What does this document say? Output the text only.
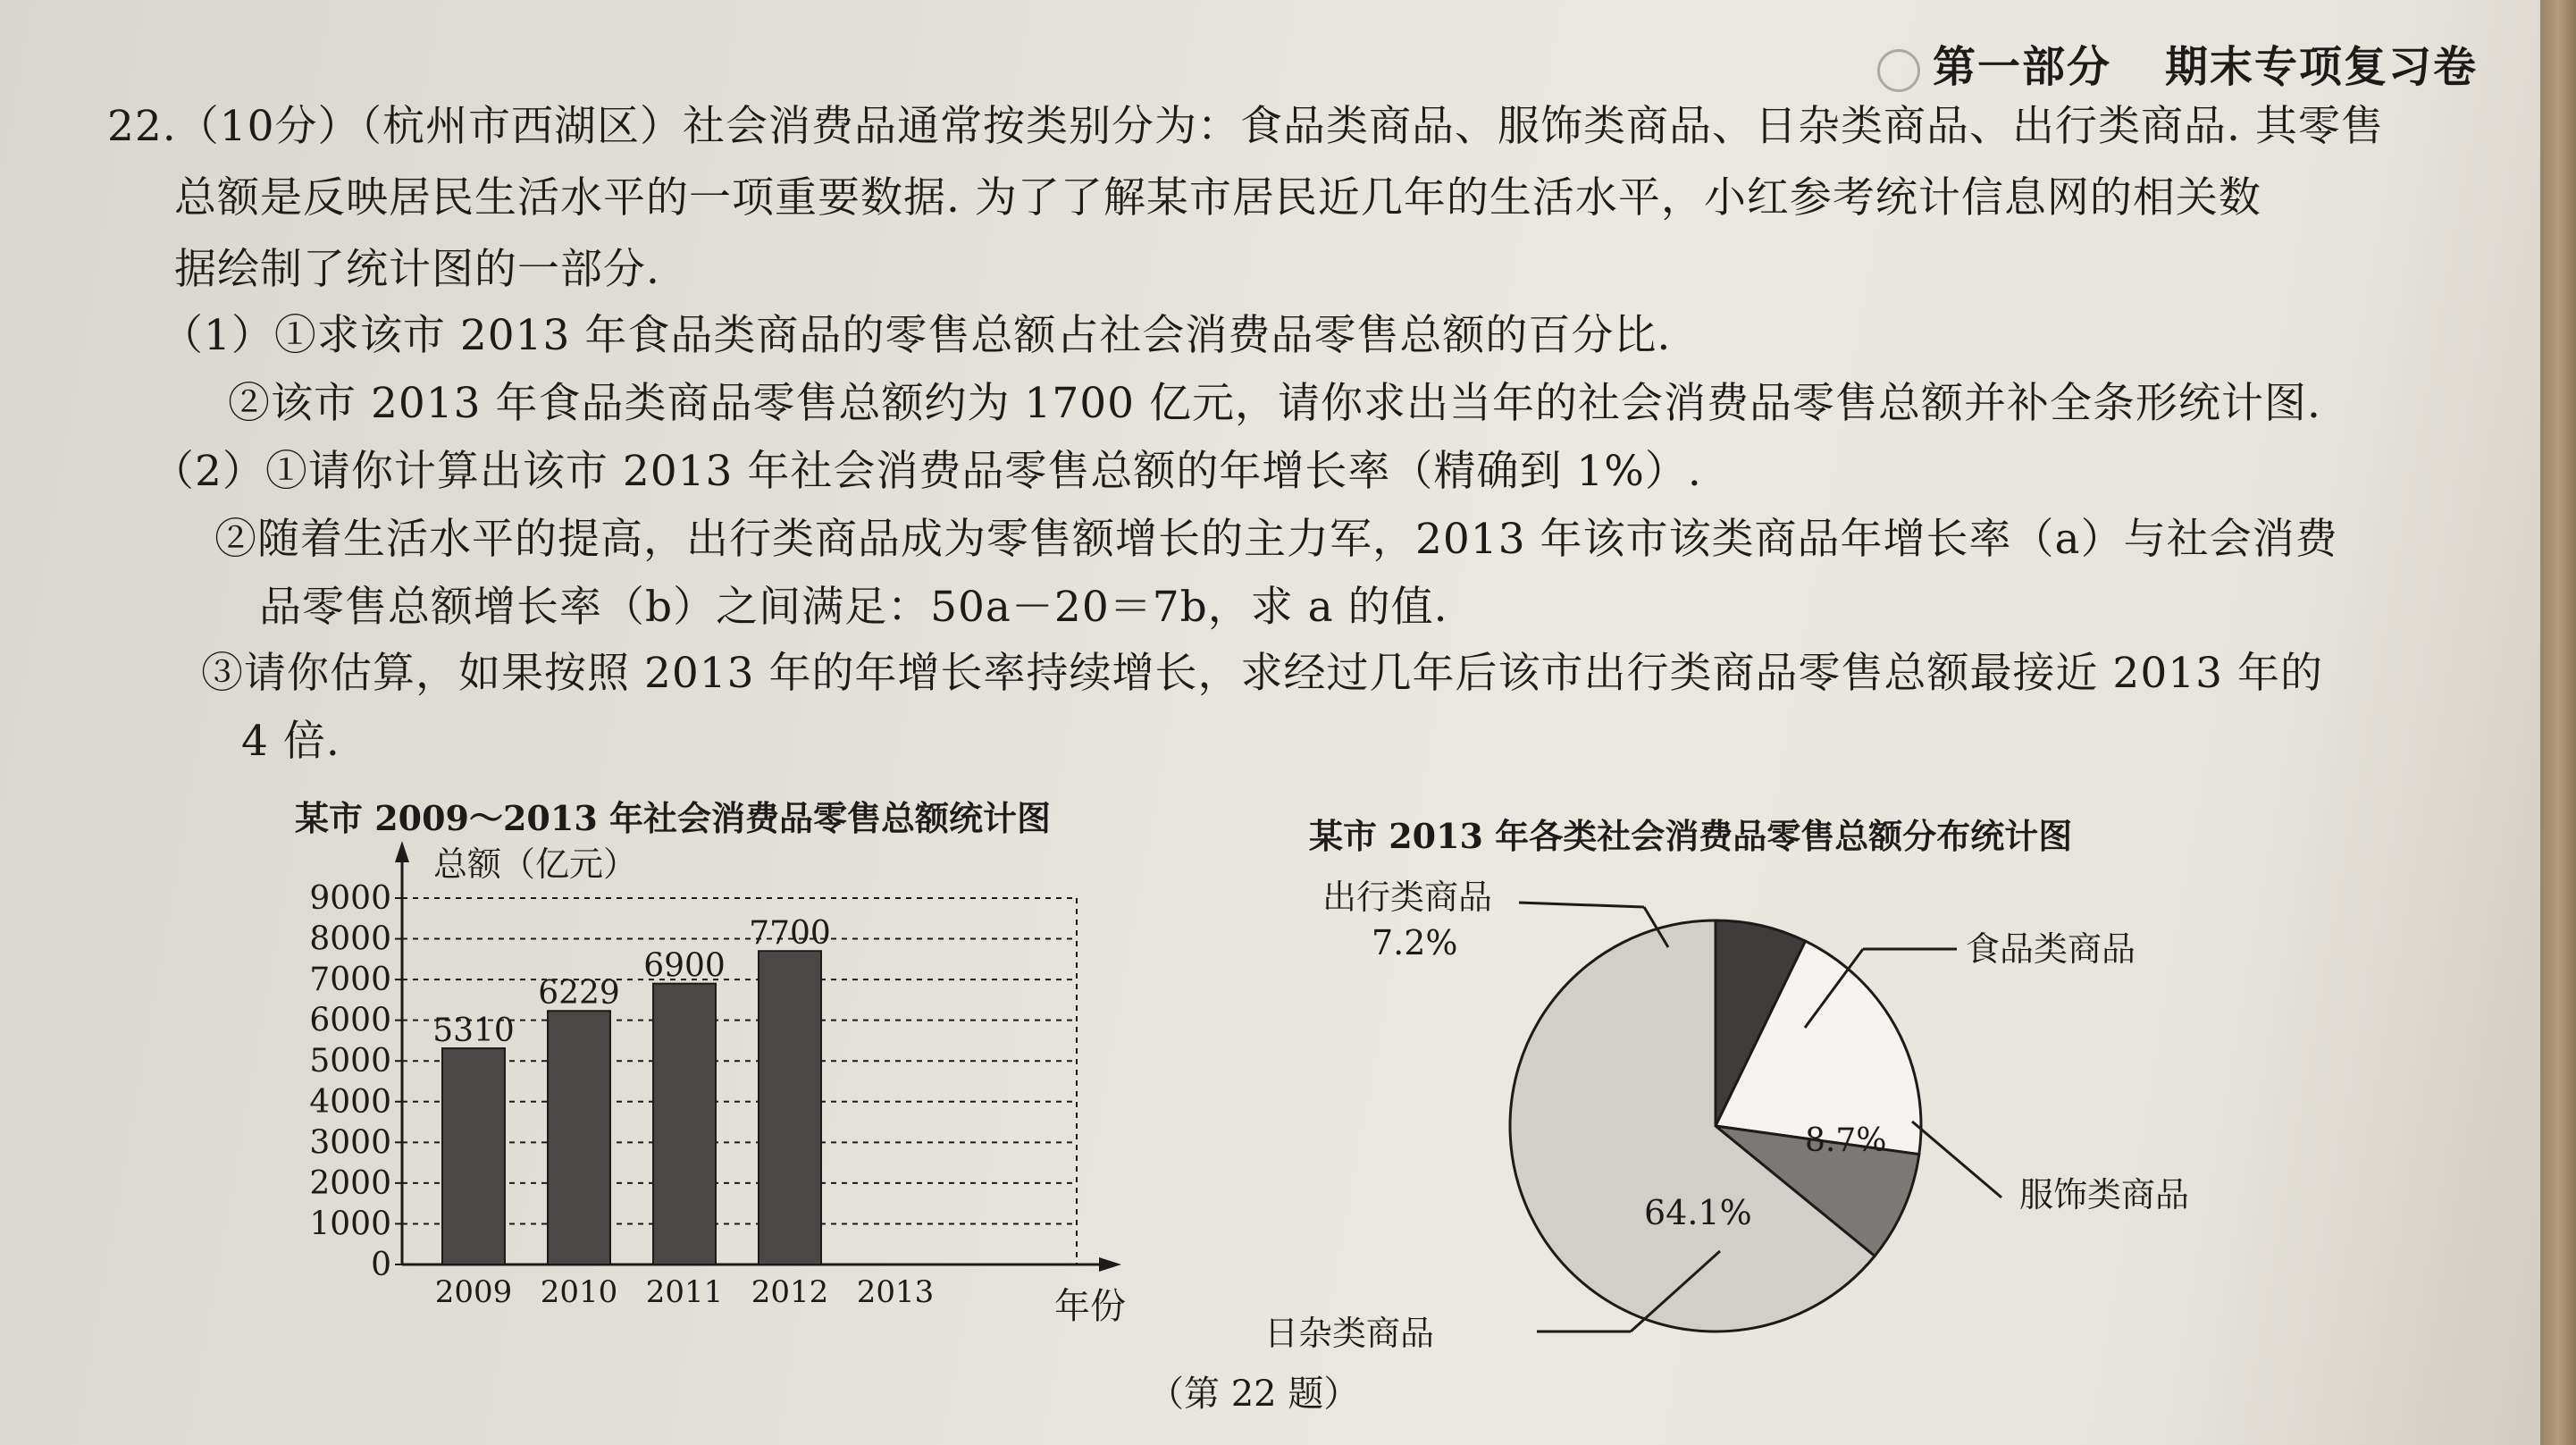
第一部分 期末专项复习卷
22.（10分）（杭州市西湖区）社会消费品通常按类别分为：食品类商品、服饰类商品、日杂类商品、出行类商品. 其零售
总额是反映居民生活水平的一项重要数据. 为了了解某市居民近几年的生活水平，小红参考统计信息网的相关数
据绘制了统计图的一部分.
（1）①求该市 2013 年食品类商品的零售总额占社会消费品零售总额的百分比.
②该市 2013 年食品类商品零售总额约为 1700 亿元，请你求出当年的社会消费品零售总额并补全条形统计图.
（2）①请你计算出该市 2013 年社会消费品零售总额的年增长率（精确到 1%）.
②随着生活水平的提高，出行类商品成为零售额增长的主力军，2013 年该市该类商品年增长率（a）与社会消费
品零售总额增长率（b）之间满足：50a－20＝7b，求 a 的值.
③请你估算，如果按照 2013 年的年增长率持续增长，求经过几年后该市出行类商品零售总额最接近 2013 年的
4 倍.
某市 2009～2013 年社会消费品零售总额统计图	某市 2013 年各类社会消费品零售总额分布统计图
总额（亿元）
年份
0
1000
2000
3000
4000
5000
6000
7000
8000
9000
2009 2010 2011 2012 2013
5310
6229
6900
7700
出行类商品
7.2%	食品类商品
8.7%
服饰类商品
64.1%
日杂类商品
（第 22 题）
